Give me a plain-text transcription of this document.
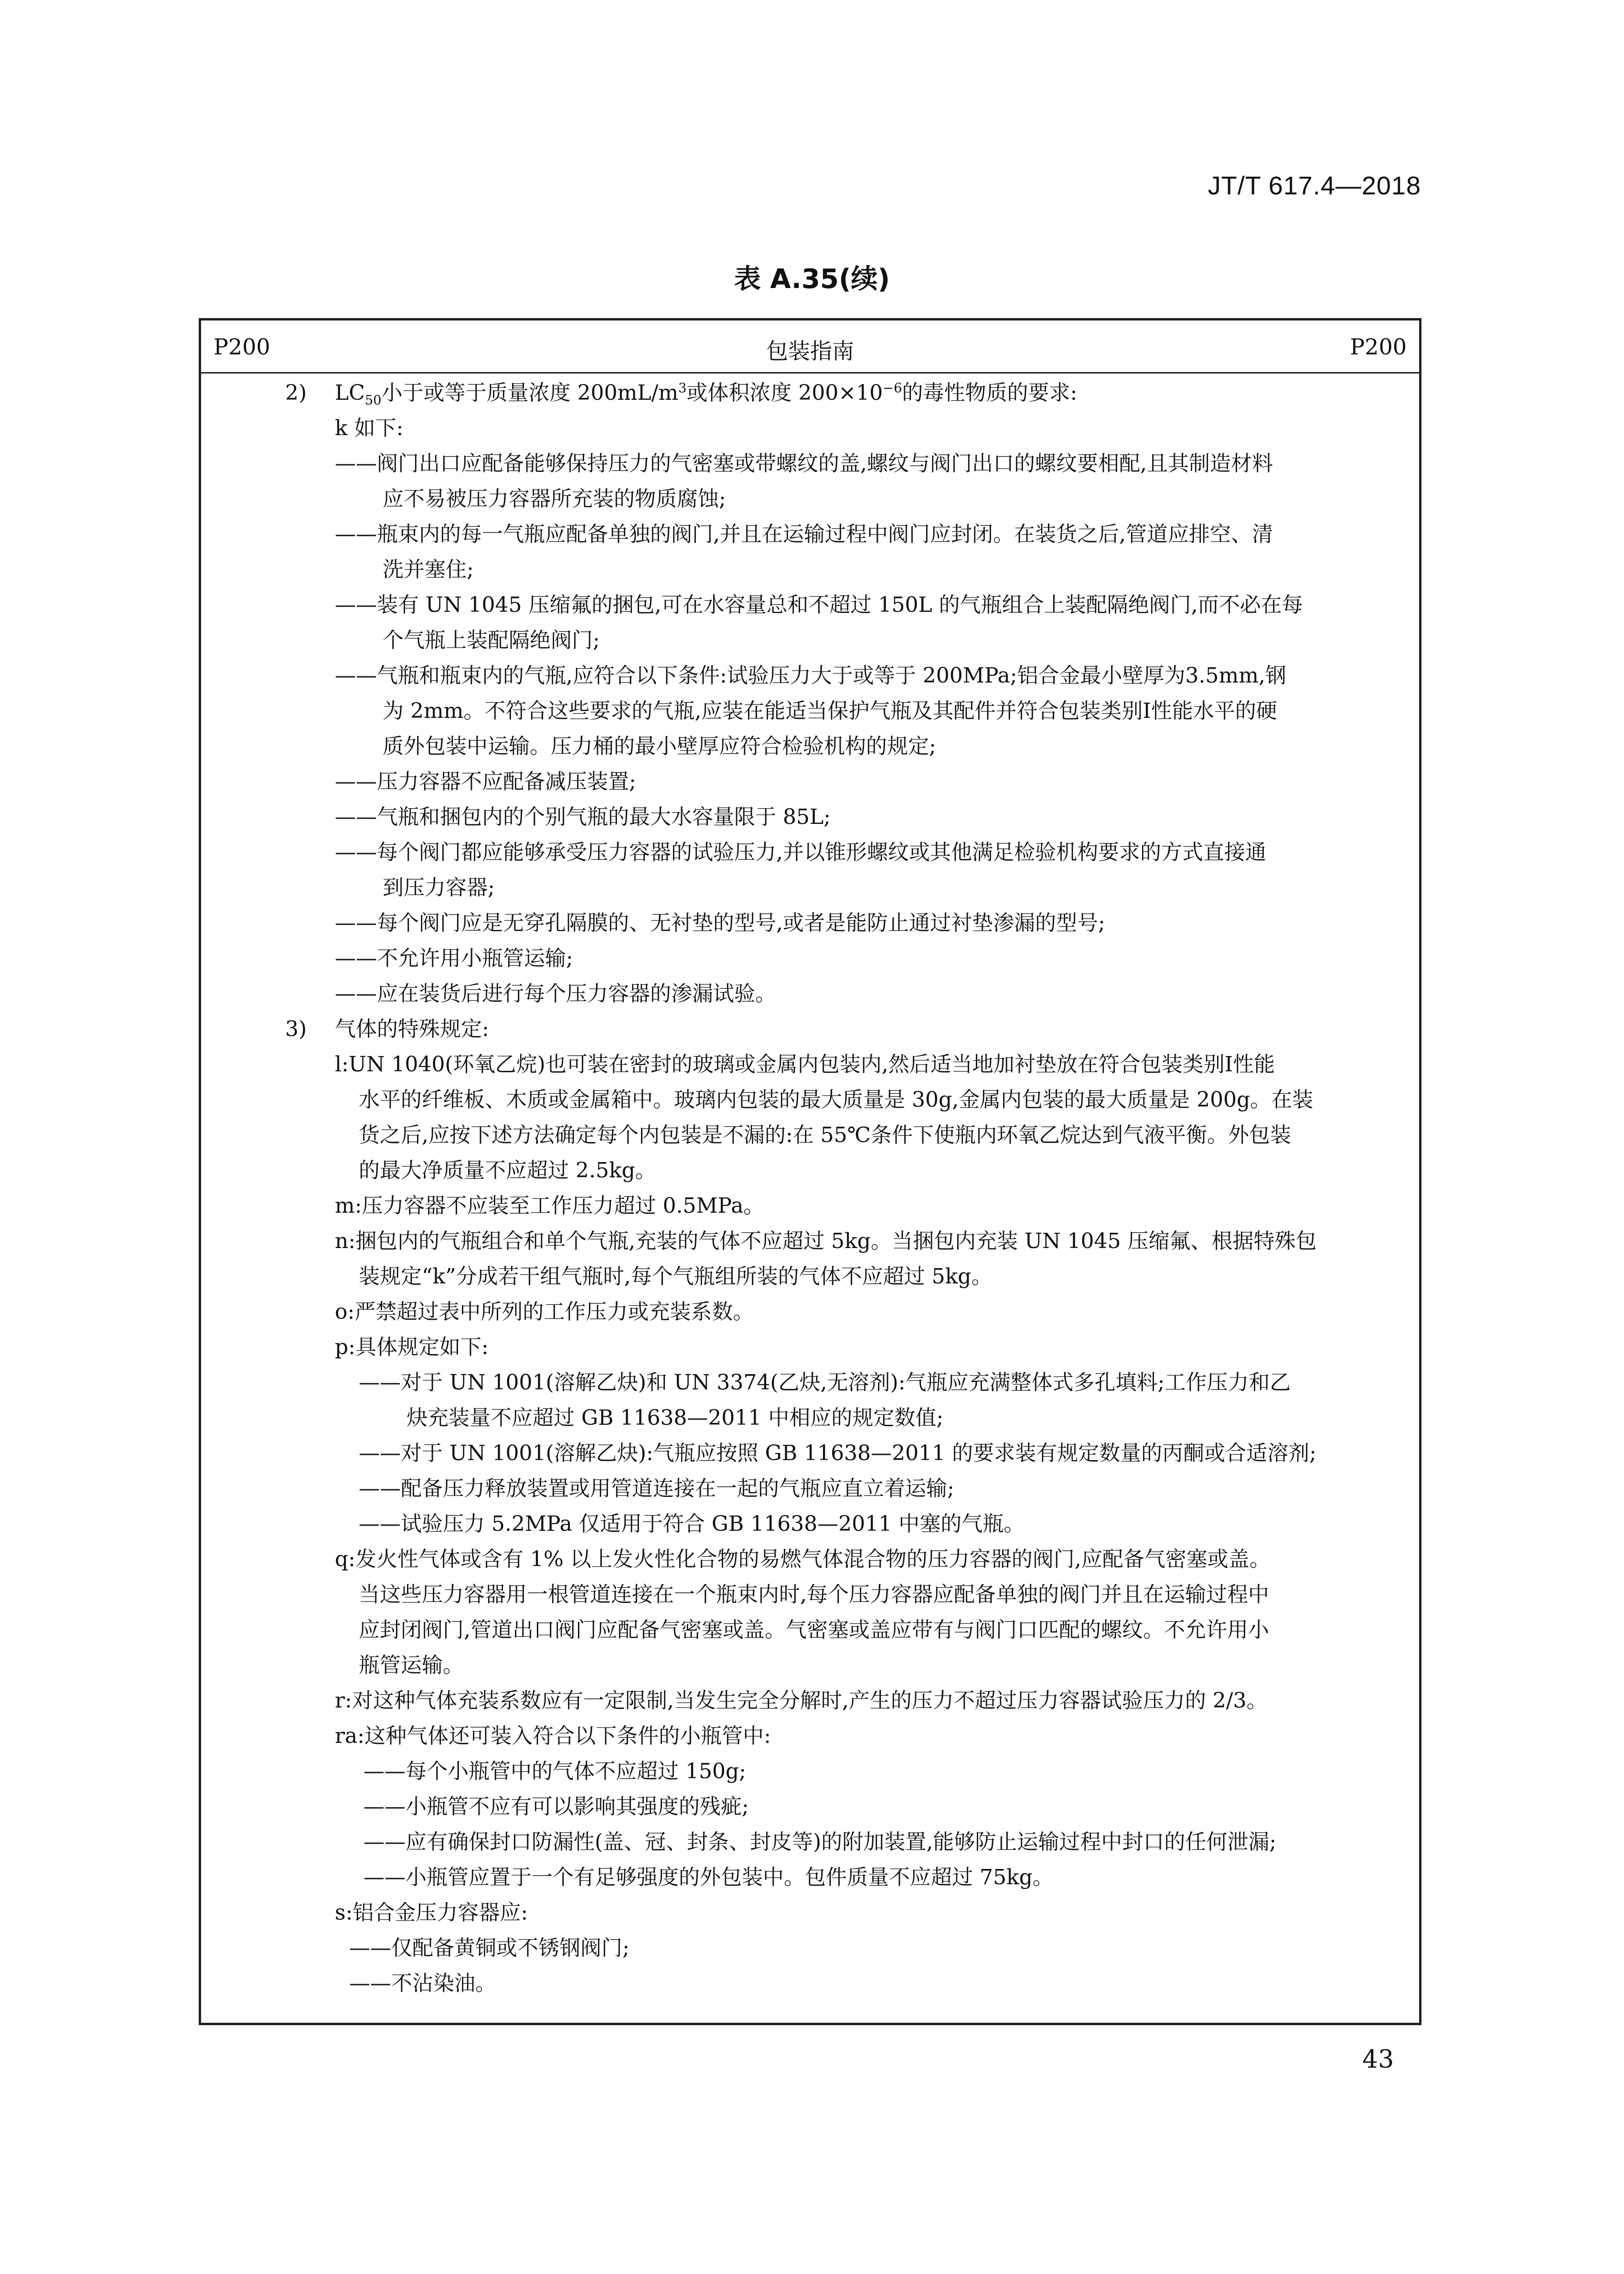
JT/T 617.4—2018
表 A.35(续)
P200	包装指南	P200
2) $LC_{50}$小于或等于质量浓度 $200mL/m^3$或体积浓度 $200\times 10^{-6}$的毒性物质的要求:
k 如下:
——阀门出口应配备能够保持压力的气密塞或带螺纹的盖,螺纹与阀门出口的螺纹要相配,且其制造材料
应不易被压力容器所充装的物质腐蚀;
——瓶束内的每一气瓶应配备单独的阀门,并且在运输过程中阀门应封闭。在装货之后,管道应排空、清
洗并塞住;
——装有 UN 1045 压缩氟的捆包,可在水容量总和不超过 150L 的气瓶组合上装配隔绝阀门,而不必在每
个气瓶上装配隔绝阀门;
——气瓶和瓶束内的气瓶,应符合以下条件:试验压力大于或等于 200MPa;铝合金最小壁厚为3.5mm,钢
为 2mm。不符合这些要求的气瓶,应装在能适当保护气瓶及其配件并符合包装类别Ⅰ性能水平的硬
质外包装中运输。压力桶的最小壁厚应符合检验机构的规定;
——压力容器不应配备减压装置;
——气瓶和捆包内的个别气瓶的最大水容量限于 85L;
——每个阀门都应能够承受压力容器的试验压力,并以锥形螺纹或其他满足检验机构要求的方式直接通
到压力容器;
——每个阀门应是无穿孔隔膜的、无衬垫的型号,或者是能防止通过衬垫渗漏的型号;
——不允许用小瓶管运输;
——应在装货后进行每个压力容器的渗漏试验。
3) 气体的特殊规定:
l:UN 1040(环氧乙烷)也可装在密封的玻璃或金属内包装内,然后适当地加衬垫放在符合包装类别Ⅰ性能
水平的纤维板、木质或金属箱中。玻璃内包装的最大质量是 30g,金属内包装的最大质量是 200g。在装
货之后,应按下述方法确定每个内包装是不漏的:在 55℃条件下使瓶内环氧乙烷达到气液平衡。外包装
的最大净质量不应超过 2.5kg。
m:压力容器不应装至工作压力超过 0.5MPa。
n:捆包内的气瓶组合和单个气瓶,充装的气体不应超过 5kg。当捆包内充装 UN 1045 压缩氟、根据特殊包
装规定“k”分成若干组气瓶时,每个气瓶组所装的气体不应超过 5kg。
o:严禁超过表中所列的工作压力或充装系数。
p:具体规定如下:
——对于 UN 1001(溶解乙炔)和 UN 3374(乙炔,无溶剂):气瓶应充满整体式多孔填料;工作压力和乙
炔充装量不应超过 GB 11638—2011 中相应的规定数值;
——对于 UN 1001(溶解乙炔):气瓶应按照 GB 11638—2011 的要求装有规定数量的丙酮或合适溶剂;
——配备压力释放装置或用管道连接在一起的气瓶应直立着运输;
——试验压力 5.2MPa 仅适用于符合 GB 11638—2011 中塞的气瓶。
q:发火性气体或含有 1% 以上发火性化合物的易燃气体混合物的压力容器的阀门,应配备气密塞或盖。
当这些压力容器用一根管道连接在一个瓶束内时,每个压力容器应配备单独的阀门并且在运输过程中
应封闭阀门,管道出口阀门应配备气密塞或盖。气密塞或盖应带有与阀门口匹配的螺纹。不允许用小
瓶管运输。
r:对这种气体充装系数应有一定限制,当发生完全分解时,产生的压力不超过压力容器试验压力的 2/3。
ra:这种气体还可装入符合以下条件的小瓶管中:
——每个小瓶管中的气体不应超过 150g;
——小瓶管不应有可以影响其强度的残疵;
——应有确保封口防漏性(盖、冠、封条、封皮等)的附加装置,能够防止运输过程中封口的任何泄漏;
——小瓶管应置于一个有足够强度的外包装中。包件质量不应超过 75kg。
s:铝合金压力容器应:
——仅配备黄铜或不锈钢阀门;
——不沾染油。
43
